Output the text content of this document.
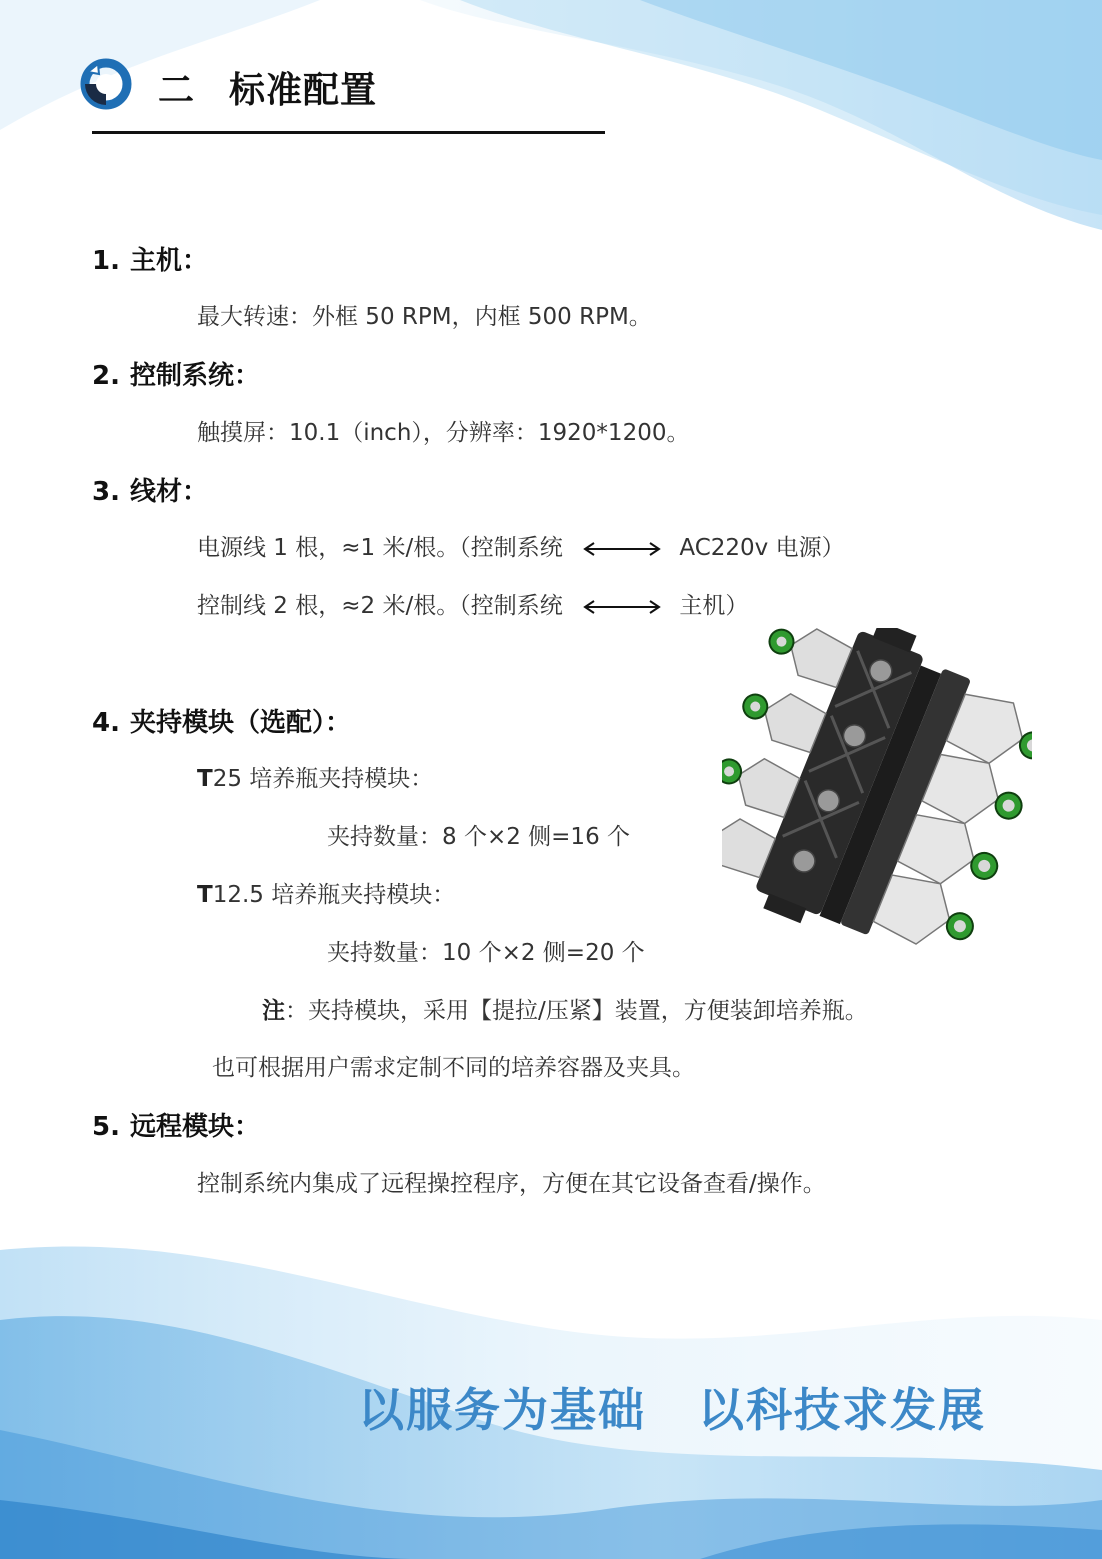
二 标准配置
1. 主机：
最大转速：外框 50 RPM，内框 500 RPM。
2. 控制系统：
触摸屏：10.1（inch），分辨率：1920*1200。
3. 线材：
电源线 1 根，≈1 米/根。（控制系统	AC220v 电源）
控制线 2 根，≈2 米/根。（控制系统	主机）
4. 夹持模块（选配）：
T25 培养瓶夹持模块：
夹持数量：8 个×2 侧=16 个
T12.5 培养瓶夹持模块：
夹持数量：10 个×2 侧=20 个
注：夹持模块，采用【提拉/压紧】装置，方便装卸培养瓶。
也可根据用户需求定制不同的培养容器及夹具。
5. 远程模块：
控制系统内集成了远程操控程序，方便在其它设备查看/操作。
以服务为基础 以科技求发展
